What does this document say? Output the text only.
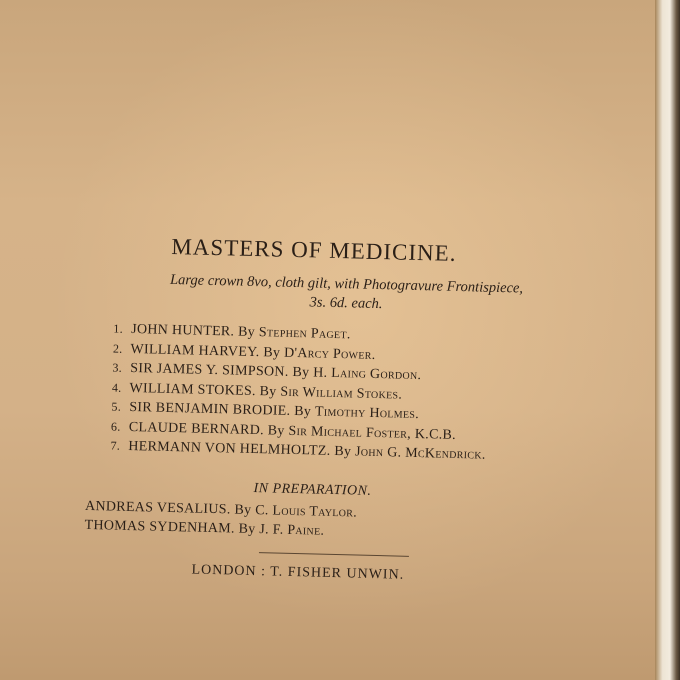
MASTERS OF MEDICINE.
Large crown 8vo, cloth gilt, with Photogravure Frontispiece,
3s. 6d. each.
1. JOHN HUNTER. By Stephen Paget.
2. WILLIAM HARVEY. By D'Arcy Power.
3. SIR JAMES Y. SIMPSON. By H. Laing Gordon.
4. WILLIAM STOKES. By Sir William Stokes.
5. SIR BENJAMIN BRODIE. By Timothy Holmes.
6. CLAUDE BERNARD. By Sir Michael Foster, K.C.B.
7. HERMANN VON HELMHOLTZ. By John G. McKendrick.
IN PREPARATION.
ANDREAS VESALIUS. By C. Louis Taylor.
THOMAS SYDENHAM. By J. F. Paine.
LONDON : T. FISHER UNWIN.
